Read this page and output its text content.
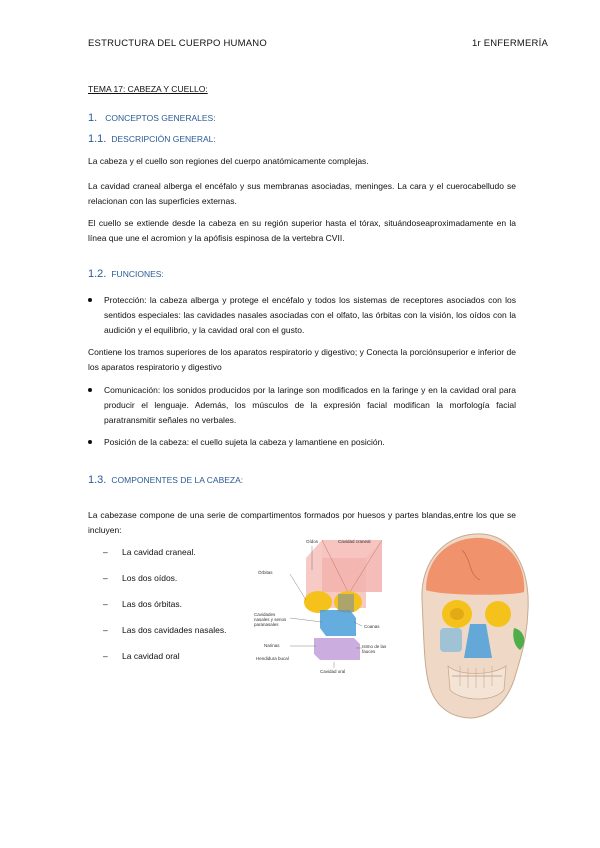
ESTRUCTURA DEL CUERPO HUMANO	1r ENFERMERÍA
TEMA 17: CABEZA Y CUELLO:
1. CONCEPTOS GENERALES:
1.1. DESCRIPCIÓN GENERAL:
La cabeza y el cuello son regiones del cuerpo anatómicamente complejas.
La cavidad craneal alberga el encéfalo y sus membranas asociadas, meninges. La cara y el cuerocabelludo se relacionan con las superficies externas.
El cuello se extiende desde la cabeza en su región superior hasta el tórax, situándoseaproximadamente en la línea que une el acromion y la apófisis espinosa de la vertebra CVII.
1.2. FUNCIONES:
Protección: la cabeza alberga y protege el encéfalo y todos los sistemas de receptores asociados con los sentidos especiales: las cavidades nasales asociadas con el olfato, las órbitas con la visión, los oídos con la audición y el equilibrio, y la cavidad oral con el gusto.
Contiene los tramos superiores de los aparatos respiratorio y digestivo; y Conecta la porciónsuperior e inferior de los aparatos respiratorio y digestivo
Comunicación: los sonidos producidos por la laringe son modificados en la faringe y en la cavidad oral para producir el lenguaje. Además, los músculos de la expresión facial modifican la morfología facial paratransmitir señales no verbales.
Posición de la cabeza: el cuello sujeta la cabeza y lamantiene en posición.
1.3. COMPONENTES DE LA CABEZA:
La cabezase compone de una serie de compartimentos formados por huesos y partes blandas,entre los que se incluyen:
– La cavidad craneal.
– Los dos oídos.
– Las dos órbitas.
– Las dos cavidades nasales.
– La cavidad oral
Oídos	Cavidad craneal
Órbitas
Cavidades nasales y senos paranasales	Coanas
Narinas
Hendidura bucal
Istmo de las fauces
Cavidad oral
